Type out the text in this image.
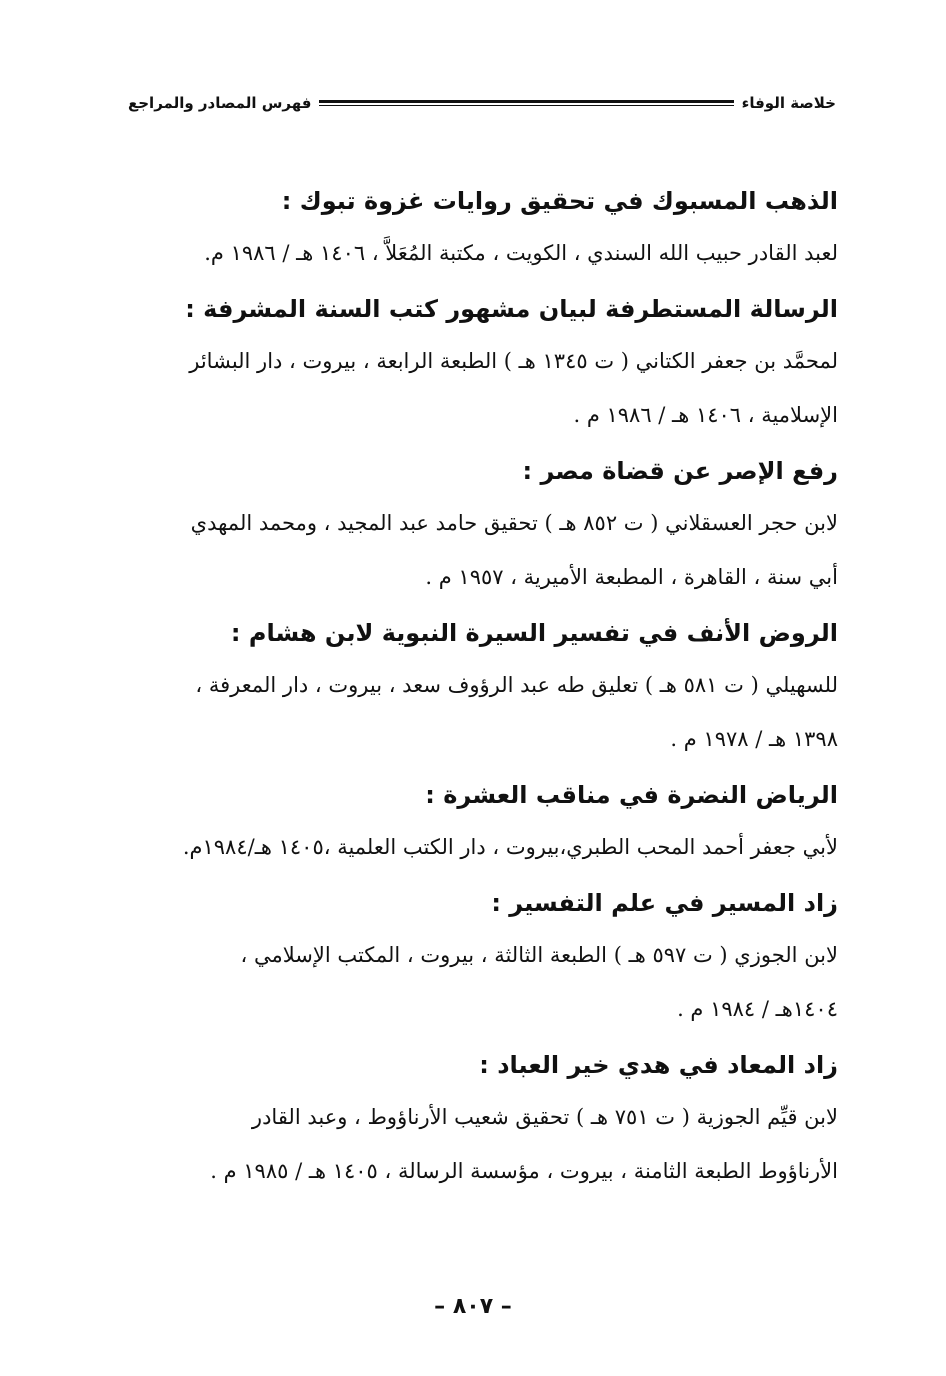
خلاصة الوفاء
فهرس المصادر والمراجع
الذهب المسبوك في تحقيق روايات غزوة تبوك :
لعبد القادر حبيب الله السندي ، الكويت ، مكتبة المُعَلاَّ ، ١٤٠٦ هـ / ١٩٨٦ م.
الرسالة المستطرفة لبيان مشهور كتب السنة المشرفة :
لمحمَّد بن جعفر الكتاني ( ت ١٣٤٥ هـ ) الطبعة الرابعة ، بيروت ، دار البشائر
الإسلامية ، ١٤٠٦ هـ / ١٩٨٦ م .
رفع الإصر عن قضاة مصر :
لابن حجر العسقلاني ( ت ٨٥٢ هـ ) تحقيق حامد عبد المجيد ، ومحمد المهدي
أبي سنة ، القاهرة ، المطبعة الأميرية ، ١٩٥٧ م .
الروض الأنف في تفسير السيرة النبوية لابن هشام :
للسهيلي ( ت ٥٨١ هـ ) تعليق طه عبد الرؤوف سعد ، بيروت ، دار المعرفة ،
١٣٩٨ هـ / ١٩٧٨ م .
الرياض النضرة في مناقب العشرة :
لأبي جعفر أحمد المحب الطبري،بيروت ، دار الكتب العلمية ،١٤٠٥ هـ/١٩٨٤م.
زاد المسير في علم التفسير :
لابن الجوزي ( ت ٥٩٧ هـ ) الطبعة الثالثة ، بيروت ، المكتب الإسلامي ،
١٤٠٤هـ / ١٩٨٤ م .
زاد المعاد في هدي خير العباد :
لابن قيِّم الجوزية ( ت ٧٥١ هـ ) تحقيق شعيب الأرناؤوط ، وعبد القادر
الأرناؤوط الطبعة الثامنة ، بيروت ، مؤسسة الرسالة ، ١٤٠٥ هـ / ١٩٨٥ م .
– ٨٠٧ –
